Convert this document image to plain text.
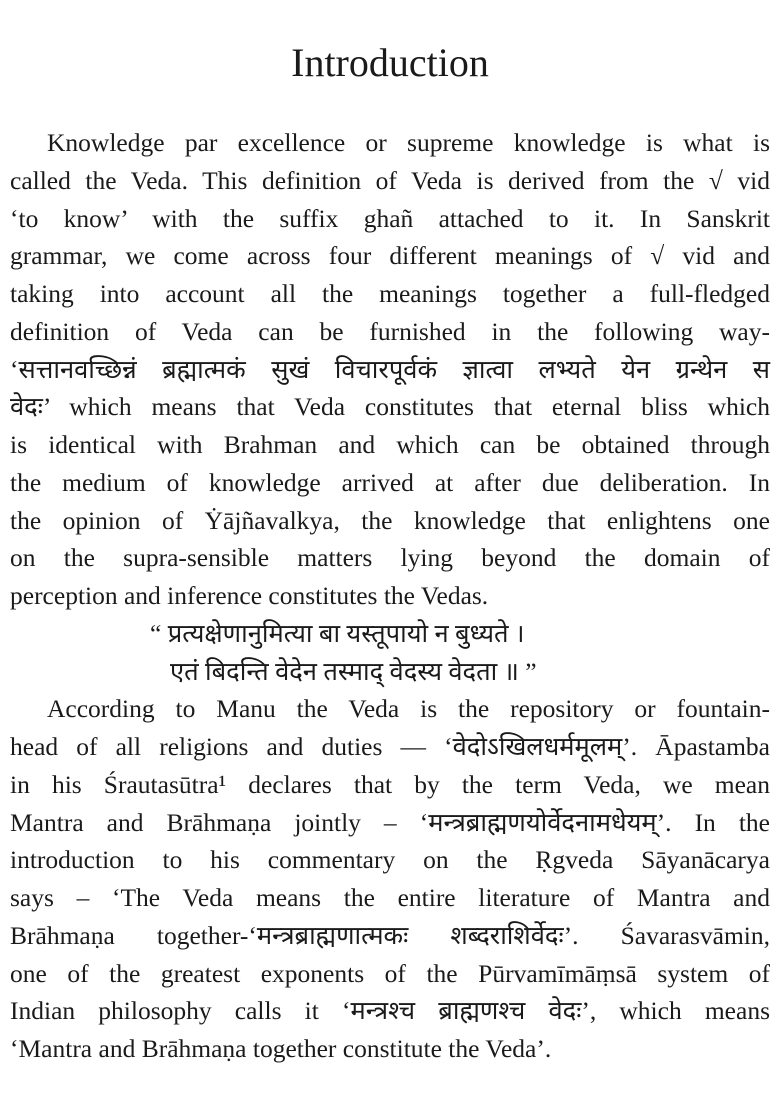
Introduction
Knowledge par excellence or supreme knowledge is what is
called the Veda. This definition of Veda is derived from the √ vid
‘to know’ with the suffix ghañ attached to it. In Sanskrit
grammar, we come across four different meanings of √ vid and
taking into account all the meanings together a full-fledged
definition of Veda can be furnished in the following way-
‘सत्तानवच्छिन्नं ब्रह्मात्मकं सुखं विचारपूर्वकं ज्ञात्वा लभ्यते येन ग्रन्थेन स
वेदः’ which means that Veda constitutes that eternal bliss which
is identical with Brahman and which can be obtained through
the medium of knowledge arrived at after due deliberation. In
the opinion of Ẏājñavalkya, the knowledge that enlightens one
on the supra-sensible matters lying beyond the domain of
perception and inference constitutes the Vedas.
“ प्रत्यक्षेणानुमित्या बा यस्तूपायो न बुध्यते ।
एतं बिदन्ति वेदेन तस्माद् वेदस्य वेदता ॥ ”
According to Manu the Veda is the repository or fountain-
head of all religions and duties — ‘वेदोऽखिलधर्ममूलम्’. Āpastamba
in his Śrautasūtra¹ declares that by the term Veda, we mean
Mantra and Brāhmaṇa jointly – ‘मन्त्रब्राह्मणयोर्वेदनामधेयम्’. In the
introduction to his commentary on the Ṛgveda Sāyanācarya
says – ‘The Veda means the entire literature of Mantra and
Brāhmaṇa together-‘मन्त्रब्राह्मणात्मकः शब्दराशिर्वेदः’. Śavarasvāmin,
one of the greatest exponents of the Pūrvamīmāṃsā system of
Indian philosophy calls it ‘मन्त्रश्च ब्राह्मणश्च वेदः’, which means
‘Mantra and Brāhmaṇa together constitute the Veda’.
